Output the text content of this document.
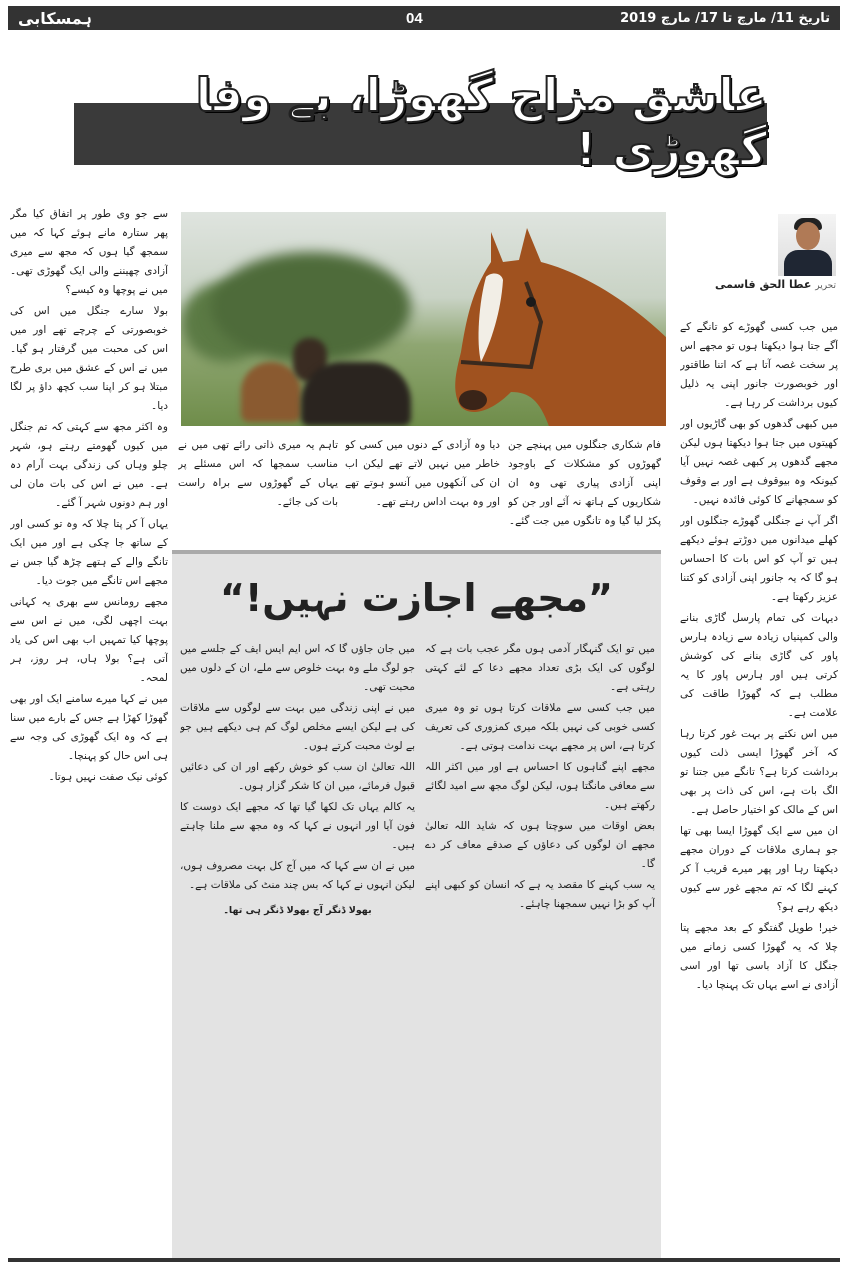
ہمسکابی	04	تاریخ 11/ مارچ تا 17/ مارچ 2019
عاشق مزاج گھوڑا، بے وفا گھوڑی !
تحریر عطا الحق قاسمی

میں جب کسی گھوڑے کو تانگے کے آگے جتا ہوا دیکھتا ہوں تو مجھے اس پر سخت غصہ آتا ہے کہ اتنا طاقتور اور خوبصورت جانور اپنی یہ ذلیل کیوں برداشت کر رہا ہے۔

میں کبھی گدھوں کو بھی گاڑیوں اور کھیتوں میں جتا ہوا دیکھتا ہوں لیکن مجھے گدھوں پر کبھی غصہ نہیں آیا کیونکہ وہ بیوقوف ہے اور بے وقوف کو سمجھانے کا کوئی فائدہ نہیں۔

اگر آپ نے جنگلی گھوڑے جنگلوں اور کھلے میدانوں میں دوڑتے ہوئے دیکھے ہیں تو آپ کو اس بات کا احساس ہو گا کہ یہ جانور اپنی آزادی کو کتنا عزیز رکھتا ہے۔

دیہات کی تمام پارسل گاڑی بنانے والی کمپنیاں زیادہ سے زیادہ ہارس پاور کی گاڑی بنانے کی کوشش کرتی ہیں اور ہارس پاور کا یہ مطلب ہے کہ گھوڑا طاقت کی علامت ہے۔

میں اس نکتے پر بہت غور کرتا رہا کہ آخر گھوڑا ایسی ذلت کیوں برداشت کرتا ہے؟ تانگے میں جتنا تو الگ بات ہے، اس کی ذات پر بھی اس کے مالک کو اختیار حاصل ہے۔

ان میں سے ایک گھوڑا ایسا بھی تھا جو ہماری ملاقات کے دوران مجھے دیکھتا رہا اور پھر میرے قریب آ کر کہنے لگا کہ تم مجھے غور سے کیوں دیکھ رہے ہو؟

خیر! طویل گفتگو کے بعد مجھے پتا چلا کہ یہ گھوڑا کسی زمانے میں جنگل کا آزاد باسی تھا اور اسی آزادی نے اسے یہاں تک پہنچا دیا۔

سے جو وی طور پر اتفاق کیا مگر پھر ستارہ مانے ہوئے کہا کہ میں سمجھ گیا ہوں کہ مجھ سے میری آزادی چھیننے والی ایک گھوڑی تھی۔ میں نے پوچھا وہ کیسے؟

بولا سارے جنگل میں اس کی خوبصورتی کے چرچے تھے اور میں اس کی محبت میں گرفتار ہو گیا۔ میں نے اس کے عشق میں بری طرح مبتلا ہو کر اپنا سب کچھ داؤ پر لگا دیا۔

وہ اکثر مجھ سے کہتی کہ تم جنگل میں کیوں گھومتے رہتے ہو، شہر چلو وہاں کی زندگی بہت آرام دہ ہے۔ میں نے اس کی بات مان لی اور ہم دونوں شہر آ گئے۔

یہاں آ کر پتا چلا کہ وہ تو کسی اور کے ساتھ جا چکی ہے اور میں ایک تانگے والے کے ہتھے چڑھ گیا جس نے مجھے اس تانگے میں جوت دیا۔

مجھے رومانس سے بھری یہ کہانی بہت اچھی لگی، میں نے اس سے پوچھا کیا تمہیں اب بھی اس کی یاد آتی ہے؟ بولا ہاں، ہر روز، ہر لمحہ۔

میں نے کہا میرے سامنے ایک اور بھی گھوڑا کھڑا ہے جس کے بارے میں سنا ہے کہ وہ ایک گھوڑی کی وجہ سے ہی اس حال کو پہنچا۔

کوئی نیک صفت نہیں ہوتا۔

فام شکاری جنگلوں میں پہنچے جن گھوڑوں کو مشکلات کے باوجود اپنی آزادی پیاری تھی وہ ان شکاریوں کے ہاتھ نہ آئے اور جن کو پکڑ لیا گیا وہ تانگوں میں جت گئے۔

دیا وہ آزادی کے دنوں میں کسی کو خاطر میں نہیں لاتے تھے لیکن اب ان کی آنکھوں میں آنسو ہوتے تھے اور وہ بہت اداس رہتے تھے۔

تاہم یہ میری ذاتی رائے تھی میں نے مناسب سمجھا کہ اس مسئلے پر یہاں کے گھوڑوں سے براہ راست بات کی جائے۔

”مجھے اجازت نہیں!“

میں تو ایک گنہگار آدمی ہوں مگر عجب بات ہے کہ لوگوں کی ایک بڑی تعداد مجھے دعا کے لئے کہتی رہتی ہے۔

میں جب کسی سے ملاقات کرتا ہوں تو وہ میری کسی خوبی کی نہیں بلکہ میری کمزوری کی تعریف کرتا ہے، اس پر مجھے بہت ندامت ہوتی ہے۔

مجھے اپنے گناہوں کا احساس ہے اور میں اکثر اللہ سے معافی مانگتا ہوں، لیکن لوگ مجھ سے امید لگائے رکھتے ہیں۔

بعض اوقات میں سوچتا ہوں کہ شاید اللہ تعالیٰ مجھے ان لوگوں کی دعاؤں کے صدقے معاف کر دے گا۔

یہ سب کہنے کا مقصد یہ ہے کہ انسان کو کبھی اپنے آپ کو بڑا نہیں سمجھنا چاہئے۔

میں جان جاؤں گا کہ اس ایم ایس ایف کے جلسے میں جو لوگ ملے وہ بہت خلوص سے ملے، ان کے دلوں میں محبت تھی۔

میں نے اپنی زندگی میں بہت سے لوگوں سے ملاقات کی ہے لیکن ایسے مخلص لوگ کم ہی دیکھے ہیں جو بے لوث محبت کرتے ہوں۔

اللہ تعالیٰ ان سب کو خوش رکھے اور ان کی دعائیں قبول فرمائے، میں ان کا شکر گزار ہوں۔

یہ کالم یہاں تک لکھا گیا تھا کہ مجھے ایک دوست کا فون آیا اور انہوں نے کہا کہ وہ مجھ سے ملنا چاہتے ہیں۔

میں نے ان سے کہا کہ میں آج کل بہت مصروف ہوں، لیکن انہوں نے کہا کہ بس چند منٹ کی ملاقات ہے۔

بھولا ڈنگر آج بھولا ڈنگر ہی تھا۔
